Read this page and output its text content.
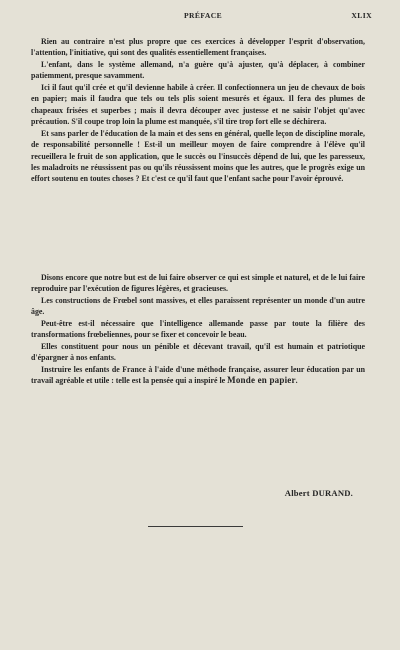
PRÉFACE	XLIX

Rien au contraire n'est plus propre que ces exercices à développer l'esprit d'observation, l'attention, l'initiative, qui sont des qualités essentiellement françaises.

L'enfant, dans le système allemand, n'a guère qu'à ajuster, qu'à déplacer, à combiner patiemment, presque savamment.

Ici il faut qu'il crée et qu'il devienne habile à créer. Il confectionnera un jeu de chevaux de bois en papier; mais il faudra que tels ou tels plis soient mesurés et égaux. Il fera des plumes de chapeaux frisées et superbes ; mais il devra découper avec justesse et ne saisir l'objet qu'avec précaution. S'il coupe trop loin la plume est manquée, s'il tire trop fort elle se déchirera.

Et sans parler de l'éducation de la main et des sens en général, quelle leçon de discipline morale, de responsabilité personnelle ! Est-il un meilleur moyen de faire comprendre à l'élève qu'il recueillera le fruit de son application, que le succès ou l'insuccès dépend de lui, que les paresseux, les maladroits ne réussissent pas ou qu'ils réussissent moins que les autres, que le progrès exige un effort soutenu en toutes choses ? Et c'est ce qu'il faut que l'enfant sache pour l'avoir éprouvé.

Disons encore que notre but est de lui faire observer ce qui est simple et naturel, et de le lui faire reproduire par l'exécution de figures légères, et gracieuses.

Les constructions de Frœbel sont massives, et elles paraissent représenter un monde d'un autre âge.

Peut-être est-il nécessaire que l'intelligence allemande passe par toute la filière des transformations frœbeliennes, pour se fixer et concevoir le beau.

Elles constituent pour nous un pénible et décevant travail, qu'il est humain et patriotique d'épargner à nos enfants.

Instruire les enfants de France à l'aide d'une méthode française, assurer leur éducation par un travail agréable et utile : telle est la pensée qui a inspiré le Monde en papier.

Albert DURAND.
